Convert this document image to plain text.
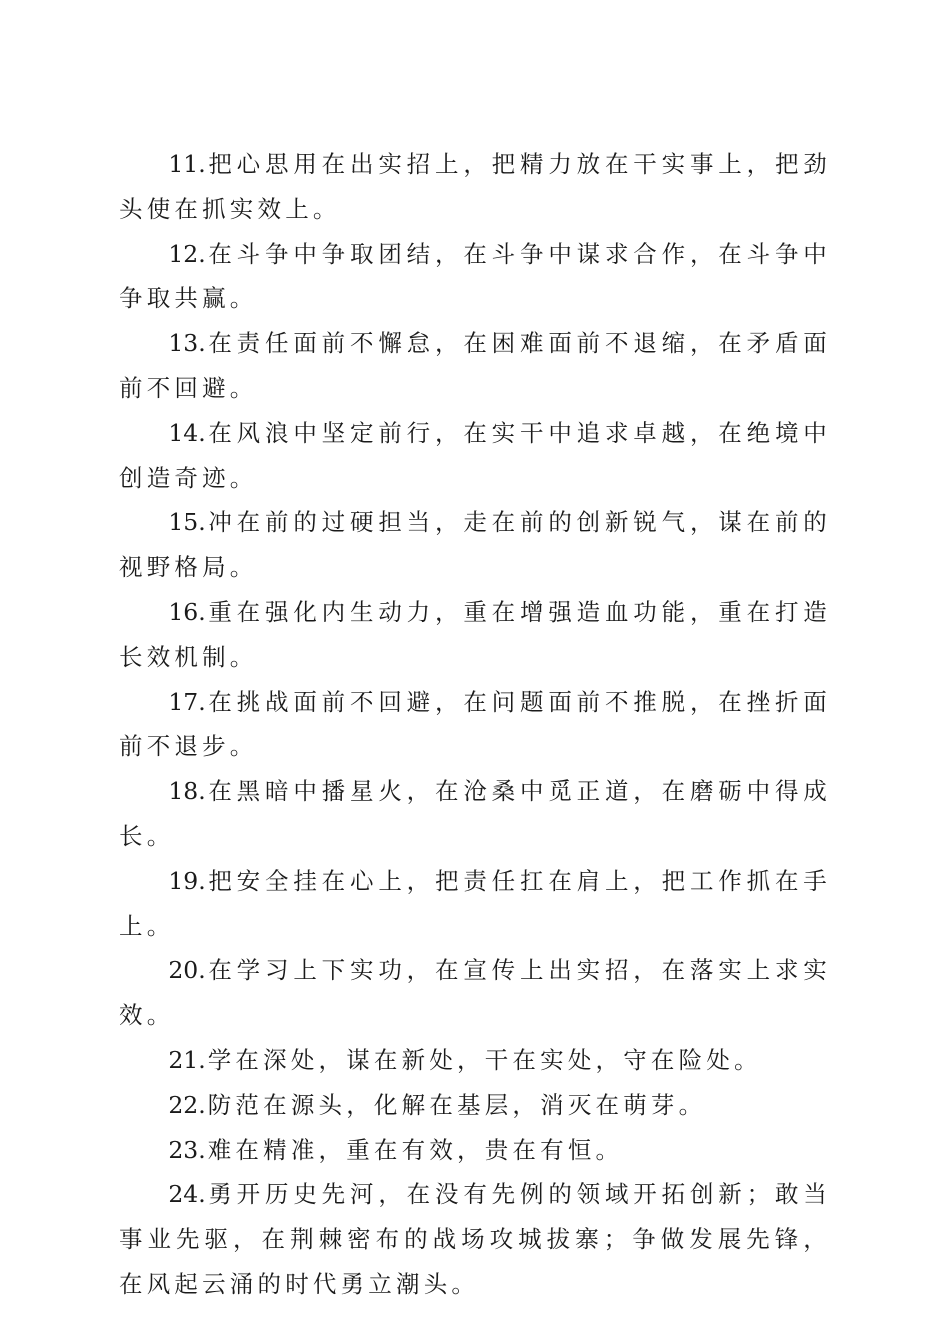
11.把心思用在出实招上，把精力放在干实事上，把劲头使在抓实效上。

12.在斗争中争取团结，在斗争中谋求合作，在斗争中争取共赢。

13.在责任面前不懈怠，在困难面前不退缩，在矛盾面前不回避。

14.在风浪中坚定前行，在实干中追求卓越，在绝境中创造奇迹。

15.冲在前的过硬担当，走在前的创新锐气，谋在前的视野格局。

16.重在强化内生动力，重在增强造血功能，重在打造长效机制。

17.在挑战面前不回避，在问题面前不推脱，在挫折面前不退步。

18.在黑暗中播星火，在沧桑中觅正道，在磨砺中得成长。

19.把安全挂在心上，把责任扛在肩上，把工作抓在手上。

20.在学习上下实功，在宣传上出实招，在落实上求实效。

21.学在深处，谋在新处，干在实处，守在险处。

22.防范在源头，化解在基层，消灭在萌芽。

23.难在精准，重在有效，贵在有恒。

24.勇开历史先河，在没有先例的领域开拓创新；敢当事业先驱，在荆棘密布的战场攻城拔寨；争做发展先锋，在风起云涌的时代勇立潮头。
